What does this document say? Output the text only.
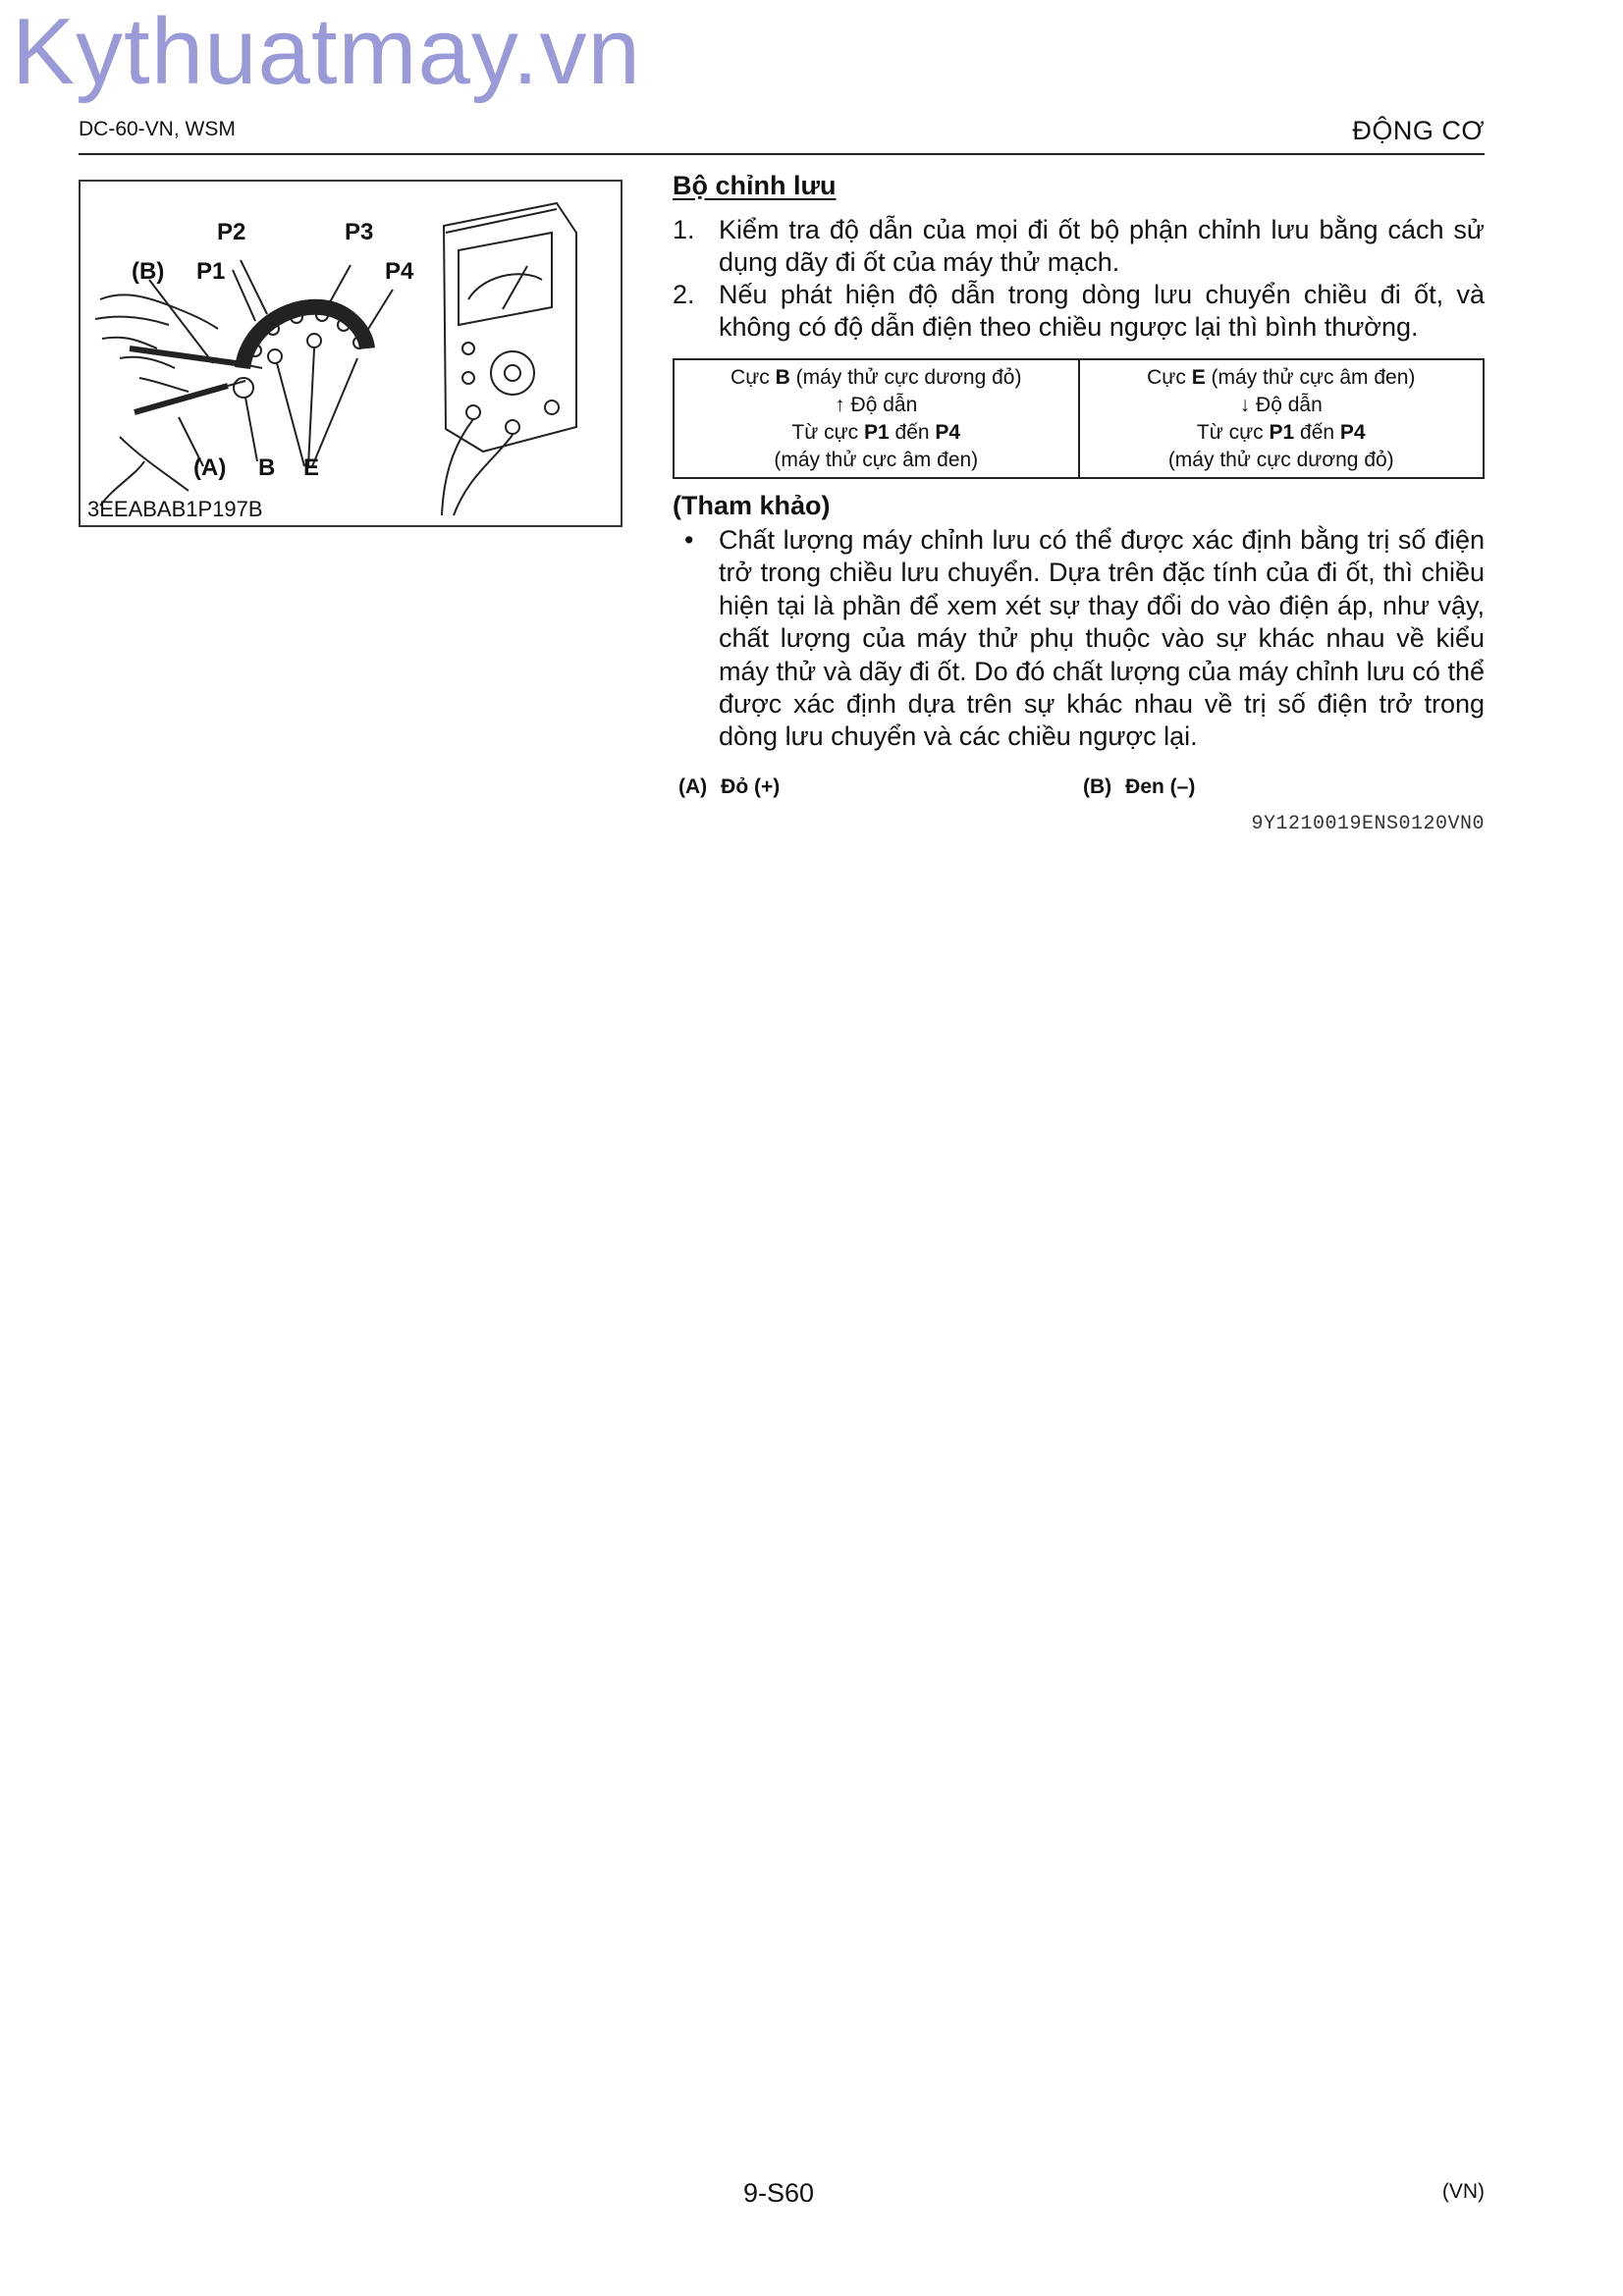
Kythuatmay.vn
DC-60-VN, WSM	ĐỘNG CƠ
P2	P3
(B) P1	P4
(A) B E
3EEABAB1P197B
Bộ chỉnh lưu
1. Kiểm tra độ dẫn của mọi đi ốt bộ phận chỉnh lưu bằng cách sử dụng dãy đi ốt của máy thử mạch.
2. Nếu phát hiện độ dẫn trong dòng lưu chuyển chiều đi ốt, và không có độ dẫn điện theo chiều ngược lại thì bình thường.
Cực B (máy thử cực dương đỏ)
↑ Độ dẫn
Từ cực P1 đến P4
(máy thử cực âm đen)

Cực E (máy thử cực âm đen)
↓ Độ dẫn
Từ cực P1 đến P4
(máy thử cực dương đỏ)
(Tham khảo)
• Chất lượng máy chỉnh lưu có thể được xác định bằng trị số điện trở trong chiều lưu chuyển. Dựa trên đặc tính của đi ốt, thì chiều hiện tại là phần để xem xét sự thay đổi do vào điện áp, như vậy, chất lượng của máy thử phụ thuộc vào sự khác nhau về kiểu máy thử và dãy đi ốt. Do đó chất lượng của máy chỉnh lưu có thể được xác định dựa trên sự khác nhau về trị số điện trở trong dòng lưu chuyển và các chiều ngược lại.
(A) Đỏ (+)	(B) Đen (–)
9Y1210019ENS0120VN0
9-S60	(VN)
